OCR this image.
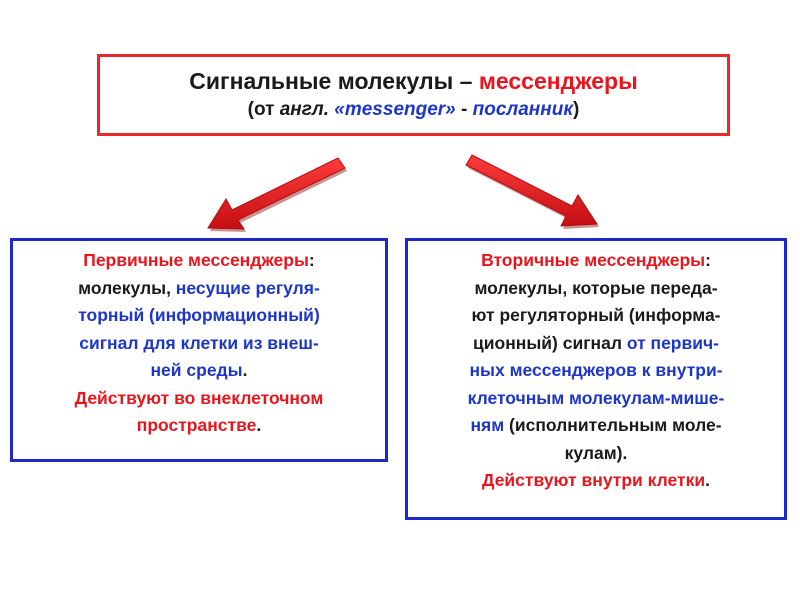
Сигнальные молекулы – мессенджеры
(от англ. «messenger» - посланник)
Первичные мессенджеры:
молекулы, несущие регуля-
торный (информационный)
сигнал для клетки из внеш-
ней среды.
Действуют во внеклеточном
пространстве.
Вторичные мессенджеры:
молекулы, которые переда-
ют регуляторный (информа-
ционный) сигнал от первич-
ных мессенджеров к внутри-
клеточным молекулам-мише-
ням (исполнительным моле-
кулам).
Действуют внутри клетки.
